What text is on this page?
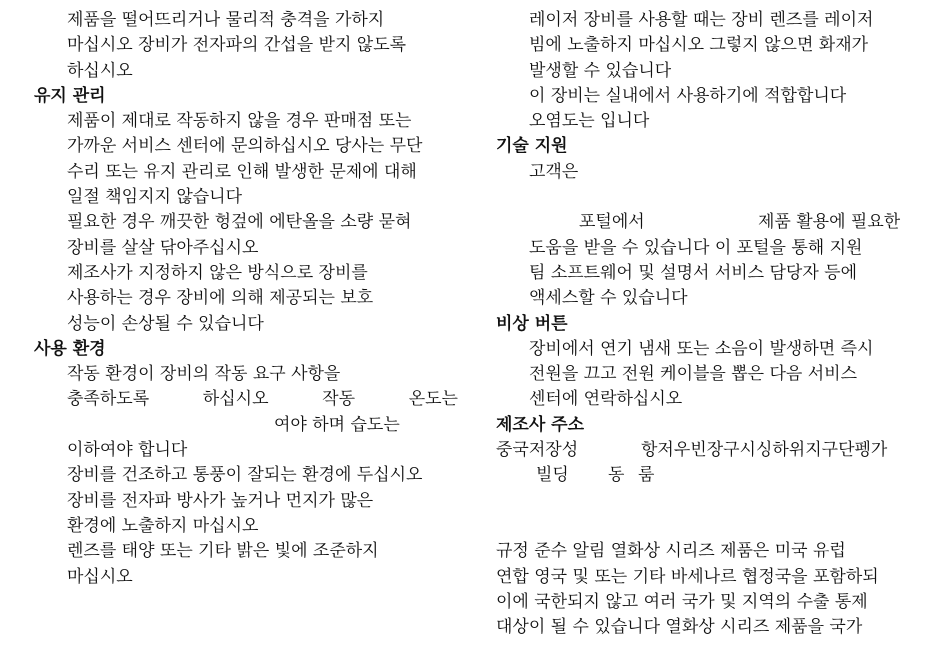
제품을 떨어뜨리거나 물리적 충격을 가하지
마십시오 장비가 전자파의 간섭을 받지 않도록
하십시오
유지 관리
제품이 제대로 작동하지 않을 경우 판매점 또는
가까운 서비스 센터에 문의하십시오 당사는 무단
수리 또는 유지 관리로 인해 발생한 문제에 대해
일절 책임지지 않습니다
필요한 경우 깨끗한 헝겊에 에탄올을 소량 묻혀
장비를 살살 닦아주십시오
제조사가 지정하지 않은 방식으로 장비를
사용하는 경우 장비에 의해 제공되는 보호
성능이 손상될 수 있습니다
사용 환경
작동 환경이 장비의 작동 요구 사항을
충족하도록	하십시오	작동	온도는
여야 하며 습도는
이하여야 합니다
장비를 건조하고 통풍이 잘되는 환경에 두십시오
장비를 전자파 방사가 높거나 먼지가 많은
환경에 노출하지 마십시오
렌즈를 태양 또는 기타 밝은 빛에 조준하지
마십시오
레이저 장비를 사용할 때는 장비 렌즈를 레이저
빔에 노출하지 마십시오 그렇지 않으면 화재가
발생할 수 있습니다
이 장비는 실내에서 사용하기에 적합합니다
오염도는 입니다
기술 지원
고객은
포털에서	제품 활용에 필요한
도움을 받을 수 있습니다 이 포털을 통해 지원
팀 소프트웨어 및 설명서 서비스 담당자 등에
액세스할 수 있습니다
비상 버튼
장비에서 연기 냄새 또는 소음이 발생하면 즉시
전원을 끄고 전원 케이블을 뽑은 다음 서비스
센터에 연락하십시오
제조사 주소
중국저장성	항저우빈장구시싱하위지구단펭가
빌딩 동 룸
규정 준수 알림 열화상 시리즈 제품은 미국 유럽
연합 영국 및 또는 기타 바세나르 협정국을 포함하되
이에 국한되지 않고 여러 국가 및 지역의 수출 통제
대상이 될 수 있습니다 열화상 시리즈 제품을 국가
